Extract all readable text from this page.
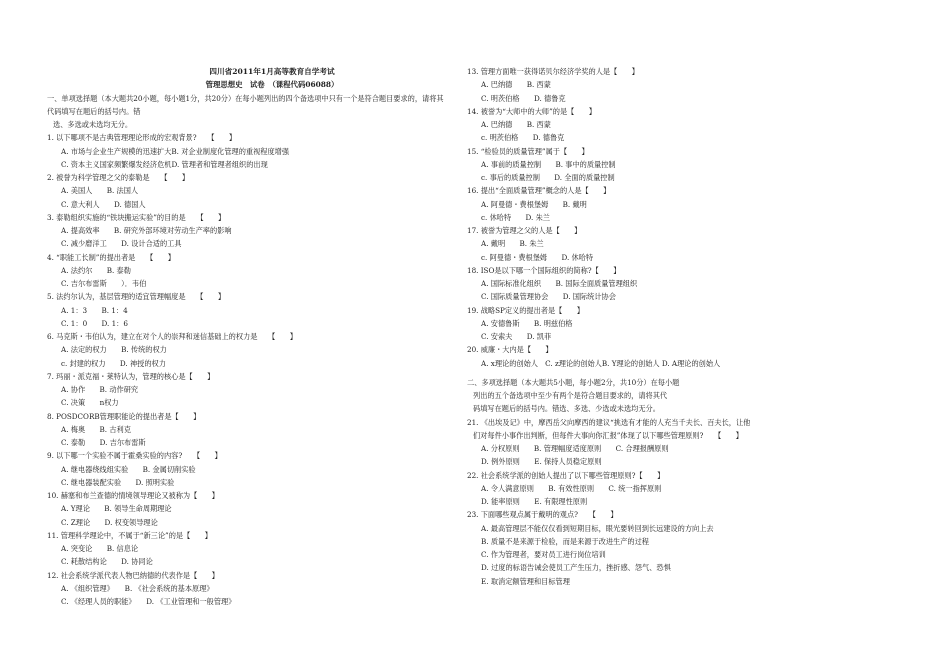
四川省2011年1月高等教育自学考试
管理思想史　试卷　（课程代码06088）
一、单项选择题（本大题共20小题，每小题1分，共20分）在每小题列出的四个备选项中只有一个是符合题目要求的，请将其
代码填写在题后的括号内。错
选、多选或未选均无分。
1. 以下哪项不是古典管理理论形成的宏观背景?　　【　　】
A. 市场与企业生产规模的迅速扩大B. 对企业制度化管理的重视程度增强
C. 资本主义国家频繁爆发经济危机D. 管理者和管理者组织的出现
2. 被誉为科学管理之父的泰勒是　　【　　】
A. 美国人　　B. 法国人
C. 意大利人　　D. 德国人
3. 泰勒组织实施的“铁块搬运实验”的目的是　　【　　】
A. 提高效率　　B. 研究外部环境对劳动生产率的影响
C. 减少磨洋工　　D. 设计合适的工具
4. “职能工长制”的提出者是　　【　　】
A. 法约尔　　B. 泰勒
C. 吉尔布雷斯　　）．韦伯
5. 法约尔认为，基层管理的适宜管理幅度是　　【　　】
A. 1：3　　B. 1：4
C. 1：0　　D. 1：6
6. 马克斯・韦伯认为，建立在对个人的崇拜和迷信基础上的权力是　　【　　】
A. 法定的权力　　B. 传统的权力
c. 封建的权力　　D. 神授的权力
7. 玛丽・派克福・莱特认为，管理的核心是【　　】
A. 协作　　B. 动作研究
C. 决策　　n权力
8. POSDCORB管理职能论的提出者是【　　】
A. 梅奥　　B. 古利克
C. 泰勒　　D. 吉尔布雷斯
9. 以下哪一个实验不属于霍桑实验的内容?　　【　　】
A. 继电器绕线组实验　　B. 金属切削实验
C. 继电器装配实验　　D. 照明实验
10. 赫塞和布兰查德的情境领导理论又被称为【　　】
A. Y理论　　B. 领导生命周期理论
C. Z理论　　D. 权变领导理论
11. 管理科学理论中，不属于“新三论”的是【　　】
A. 突变论　　B. 信息论
C. 耗散结构论　　D. 协同论
12. 社会系统学派代表人物巴纳德的代表作是【　　】
A. 《组织管理》　　B. 《社会系统的基本原理》
C. 《经理人员的职能》　　D. 《工业管理和一般管理》
13. 管理方面唯一获得诺贝尔经济学奖的人是【　　】
A. 巴纳德　　B. 西蒙
C. 明茨伯格　　D. 德鲁克
14. 被誉为“大师中的大师”的是【　　】
A. 巴纳德　　B. 西蒙
c. 明茨伯格　　D. 德鲁克
15. “检验员的质量管理”属于【　　】
A. 事前的质量控制　　B. 事中的质量控制
c. 事后的质量控制　　D. 全面的质量控制
16. 提出“全面质量管理”概念的人是【　　】
A. 阿曼德・费根堡姆　　B. 戴明
c. 休哈特　　D. 朱兰
17. 被誉为管理之父的人是【　　】
A. 戴明　　B. 朱兰
c. 阿曼德・费根堡姆　　D. 休哈特
18. ISO是以下哪一个国际组织的简称?【　　】
A. 国际标准化组织　　B. 国际全面质量管理组织
C. 国际质量管理协会　　D. 国际统计协会
19. 战略SP定义的提出者是【　　】
A. 安德鲁斯　　B. 明兹伯格
C. 安索夫　　D. 凯菲
20. 威廉・大内是【　　】
A. x理论的创始人　C. z理论的创始人B. Y理论的创始人 D. A理论的创始人
二、多项选择题（本大题共5小题，每小题2分，共10分）在每小题
列出的五个备选项中至少有两个是符合题目要求的，请将其代
码填写在题后的括号内。错选、多选、少选或未选均无分。
21. 《出埃及记》中，摩西岳父向摩西的建议“挑选有才能的人充当千夫长、百夫长，让他
们对每件小事作出判断，但每件大事向你汇报”体现了以下哪些管理原则?　　【　　】
A. 分权原则　　B. 管理幅度适度原则　　C. 合理报酬原则
D. 例外原则　　E. 保持人员稳定原则
22. 社会系统学派的创始人提出了以下哪些管理原则?【　　】
A. 令人满意原则　　B. 有效性原则　　C. 统一指挥原则
D. 能率原则　　E. 有限理性原则
23. 下面哪些观点属于戴明的观点?　　【　　】
A. 最高管理层不能仅仅看到短期目标，眼光要转回到长远建设的方向上去
B. 质量不是来源于检验，而是来源于改进生产的过程
C. 作为管理者，要对员工进行岗位培训
D. 过度的标语告诫会使员工产生压力，挫折感、怨气、恐惧
E. 取消定额管理和目标管理
